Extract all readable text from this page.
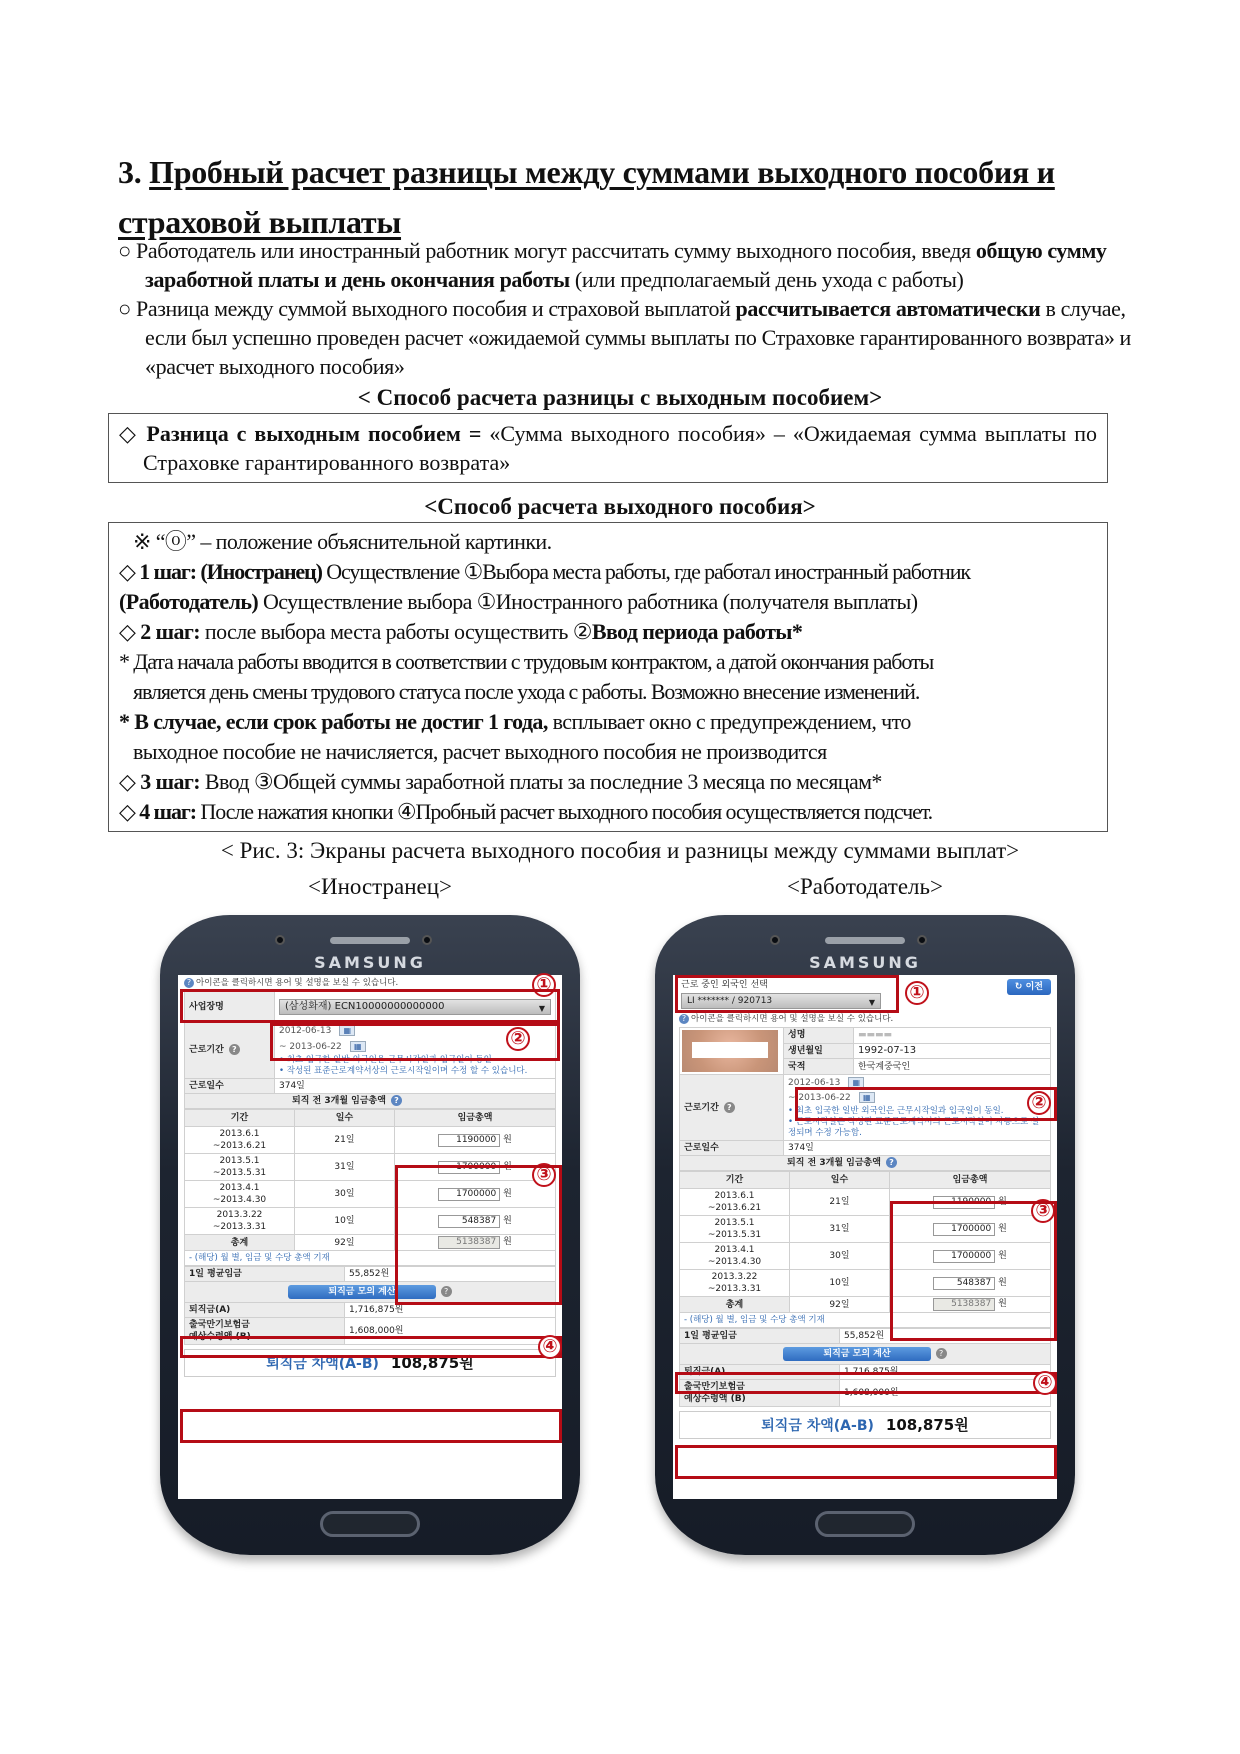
3. Пробный расчет разницы между суммами выходного пособия и
страховой выплаты
○ Работодатель или иностранный работник могут рассчитать сумму выходного пособия, введя общую сумму заработной платы и день окончания работы (или предполагаемый день ухода с работы)
○ Разница между суммой выходного пособия и страховой выплатой рассчитывается автоматически в случае, если был успешно проведен расчет «ожидаемой суммы выплаты по Страховке гарантированного возврата» и «расчет выходного пособия»
< Способ расчета разницы с выходным пособием>
◇ Разница с выходным пособием = «Сумма выходного пособия» – «Ожидаемая сумма выплаты по Страховке гарантированного возврата»
<Способ расчета выходного пособия>
※ “ⓞ” – положение объяснительной картинки.
◇ 1 шаг: (Иностранец) Осуществление ①Выбора места работы, где работал иностранный работник
(Работодатель) Осуществление выбора ①Иностранного работника (получателя выплаты)
◇ 2 шаг: после выбора места работы осуществить ②Ввод периода работы*
* Дата начала работы вводится в соответствии с трудовым контрактом, а датой окончания работы
является день смены трудового статуса после ухода с работы. Возможно внесение изменений.
* В случае, если срок работы не достиг 1 года, всплывает окно с предупреждением, что
выходное пособие не начисляется, расчет выходного пособия не производится
◇ 3 шаг: Ввод ③Общей суммы заработной платы за последние 3 месяца по месяцам*
◇ 4 шаг: После нажатия кнопки ④Пробный расчет выходного пособия осуществляется подсчет.
< Рис. 3: Экраны расчета выходного пособия и разницы между суммами выплат>
<Иностранец>	<Работодатель>
SAMSUNG
? 아이콘을 클릭하시면 용어 및 설명을 보실 수 있습니다.
사업장명	(삼성화재) ECN10000000000000 ▼

근로기간 ?	2012-06-13 ▦
~ 2013-06-22 ▦
• 최초 입국한 일반 외국인은 근무시작일과 입국일이 동일
• 작성된 표준근로계약서상의 근로시작일이며 수정 할 수 있습니다.

근로일수	374일
퇴직 전 3개월 임금총액 ?	
기간	일수	임금총액
2013.6.1
~2013.6.21	21일	1190000 원
2013.5.1
~2013.5.31	31일	1700000 원
2013.4.1
~2013.4.30	30일	1700000 원
2013.3.22
~2013.3.31	10일	548387 원
총계	92일	5138387 원
- (해당) 월 별, 임금 및 수당 총액 기재		
1일 평균임금	55,852원
퇴직금 모의 계산 ?	
퇴직금(A)	1,716,875원
출국만기보험금
예상수령액 (B)	1,608,000원
퇴직금 차액(A-B) 108,875원
①
②
③
④
SAMSUNG
근로 중인 외국인 선택
LI ******* / 920713	▼
↻ 이전
? 아이콘을 클릭하시면 용어 및 설명을 보실 수 있습니다.
	성명	▬▬▬▬
	생년월일	1992-07-13
	국적	한국계중국인
근로기간 ?	2012-06-13 ▦
~ 2013-06-22 ▦
• 최초 입국한 일반 외국인은 근무시작일과 입국일이 동일.
• 근로시작일은 작성된 표준근로계약서의 근로시작일이 자동으로 설정되며 수정 가능함.	

근로일수	374일	
퇴직 전 3개월 임금총액 ?		
기간	일수	임금총액
2013.6.1
~2013.6.21	21일	1190000 원
2013.5.1
~2013.5.31	31일	1700000 원
2013.4.1
~2013.4.30	30일	1700000 원
2013.3.22
~2013.3.31	10일	548387 원
총계	92일	5138387 원
- (해당) 월 별, 임금 및 수당 총액 기재		
1일 평균임금	55,852원
퇴직금 모의 계산 ?	
퇴직금(A)	1,716,875원
출국만기보험금
예상수령액 (B)	1,608,000원
퇴직금 차액(A-B) 108,875원
①
②
③
④
